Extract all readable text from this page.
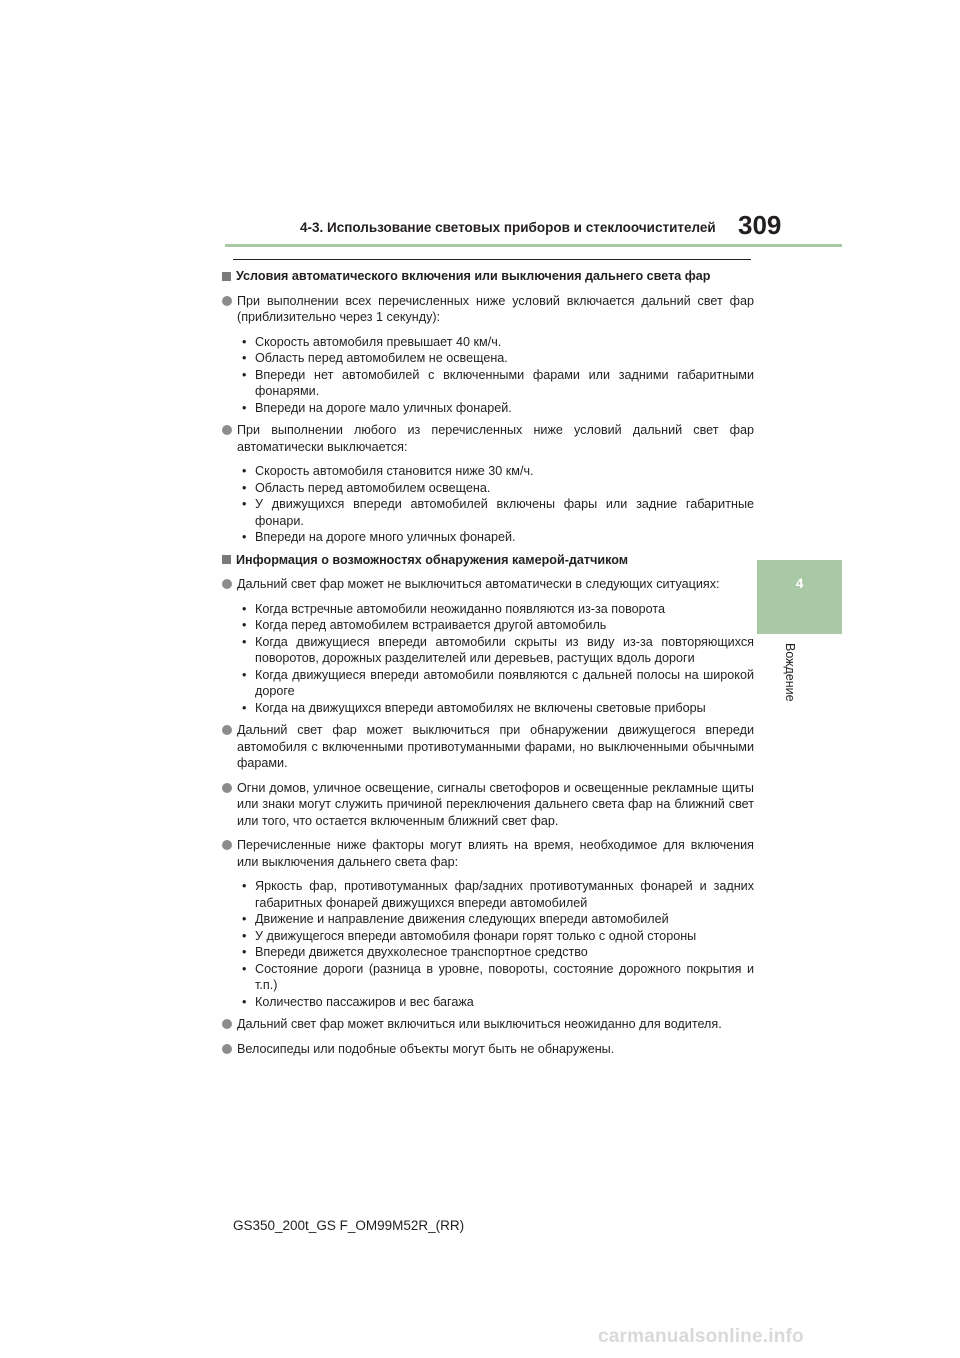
4-3. Использование световых приборов и стеклоочистителей 309
4
Вождение
Условия автоматического включения или выключения дальнего света фар
При выполнении всех перечисленных ниже условий включается дальний свет фар (приблизительно через 1 секунду):
• Скорость автомобиля превышает 40 км/ч.
• Область перед автомобилем не освещена.
• Впереди нет автомобилей с включенными фарами или задними габаритными фонарями.
• Впереди на дороге мало уличных фонарей.
При выполнении любого из перечисленных ниже условий дальний свет фар автоматически выключается:
• Скорость автомобиля становится ниже 30 км/ч.
• Область перед автомобилем освещена.
• У движущихся впереди автомобилей включены фары или задние габаритные фонари.
• Впереди на дороге много уличных фонарей.
Информация о возможностях обнаружения камерой-датчиком
Дальний свет фар может не выключиться автоматически в следующих ситуациях:
• Когда встречные автомобили неожиданно появляются из-за поворота
• Когда перед автомобилем встраивается другой автомобиль
• Когда движущиеся впереди автомобили скрыты из виду из-за повторяющихся поворотов, дорожных разделителей или деревьев, растущих вдоль дороги
• Когда движущиеся впереди автомобили появляются с дальней полосы на широкой дороге
• Когда на движущихся впереди автомобилях не включены световые приборы
Дальний свет фар может выключиться при обнаружении движущегося впереди автомобиля с включенными противотуманными фарами, но выключенными обычными фарами.
Огни домов, уличное освещение, сигналы светофоров и освещенные рекламные щиты или знаки могут служить причиной переключения дальнего света фар на ближний свет или того, что остается включенным ближний свет фар.
Перечисленные ниже факторы могут влиять на время, необходимое для включения или выключения дальнего света фар:
• Яркость фар, противотуманных фар/задних противотуманных фонарей и задних габаритных фонарей движущихся впереди автомобилей
• Движение и направление движения следующих впереди автомобилей
• У движущегося впереди автомобиля фонари горят только с одной стороны
• Впереди движется двухколесное транспортное средство
• Состояние дороги (разница в уровне, повороты, состояние дорожного покрытия и т.п.)
• Количество пассажиров и вес багажа
Дальний свет фар может включиться или выключиться неожиданно для водителя.
Велосипеды или подобные объекты могут быть не обнаружены.
GS350_200t_GS F_OM99M52R_(RR)
carmanualsonline.info
